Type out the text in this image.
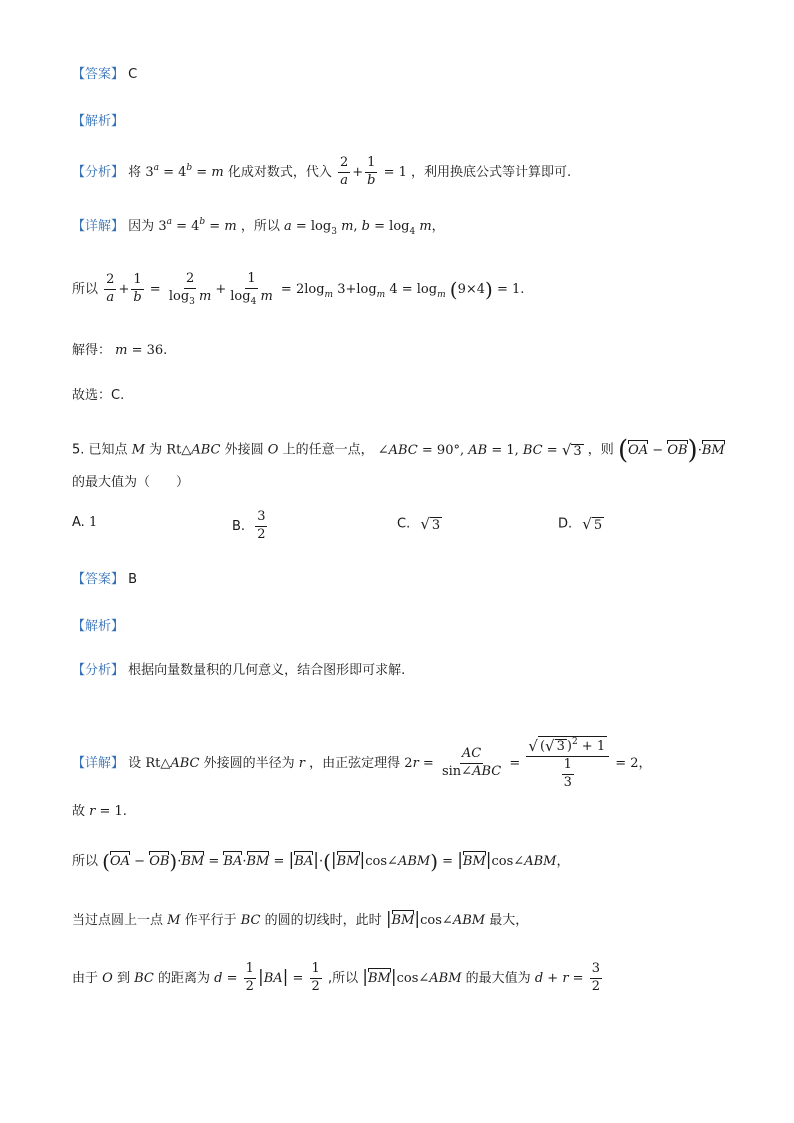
【答案】 C
【解析】
【分析】 将 $3^a = 4^b = m$ 化成对数式，代入 $\frac{2}{a} + \frac{1}{b} = 1$ ，利用换底公式等计算即可.
【详解】 因为 $3^a = 4^b = m$ ，所以 $a = \log_3 m$, $b = \log_4 m$，
所以 $\frac{2}{a} + \frac{1}{b} = \frac{2}{\log_3 m} + \frac{1}{\log_4 m} = 2\log_m$ $3+\log_m$ $4 = \log_m (9\times 4) = 1$.
解得： m = 36.
故选：C.
5. 已知点 M 为 Rt△ABC 外接圆 O 上的任意一点， ∠ABC = 90°, AB = 1, BC = √ 3 ，则 (OA − OB)·BM
的最大值为（　　）
A. 1	B. $\frac{3}{2}$	C. √ 3	D. √ 5
【答案】 B
【解析】
【分析】 根据向量数量积的几何意义，结合图形即可求解.
【详解】 设 Rt△ABC 外接圆的半径为 r ，由正弦定理得 $2r = \frac{AC}{\text{sin∠ABC}} = \frac{√ ( √ 3 )^2 + 1}{\frac{1}{3}} = 2$，
故 r = 1.
所以 (OA − OB)·BM = BA·BM = |BA|·(|BM|cos∠ABM) = |BM|cos∠ABM，
当过点圆上一点 M 作平行于 BC 的圆的切线时，此时 |BM|cos∠ABM 最大，
由于 O 到 BC 的距离为 $d = \frac{1}{2} |BA| = \frac{1}{2}$ ,所以 |BM|cos∠ABM 的最大值为 $d + r = \frac{3}{2}$
